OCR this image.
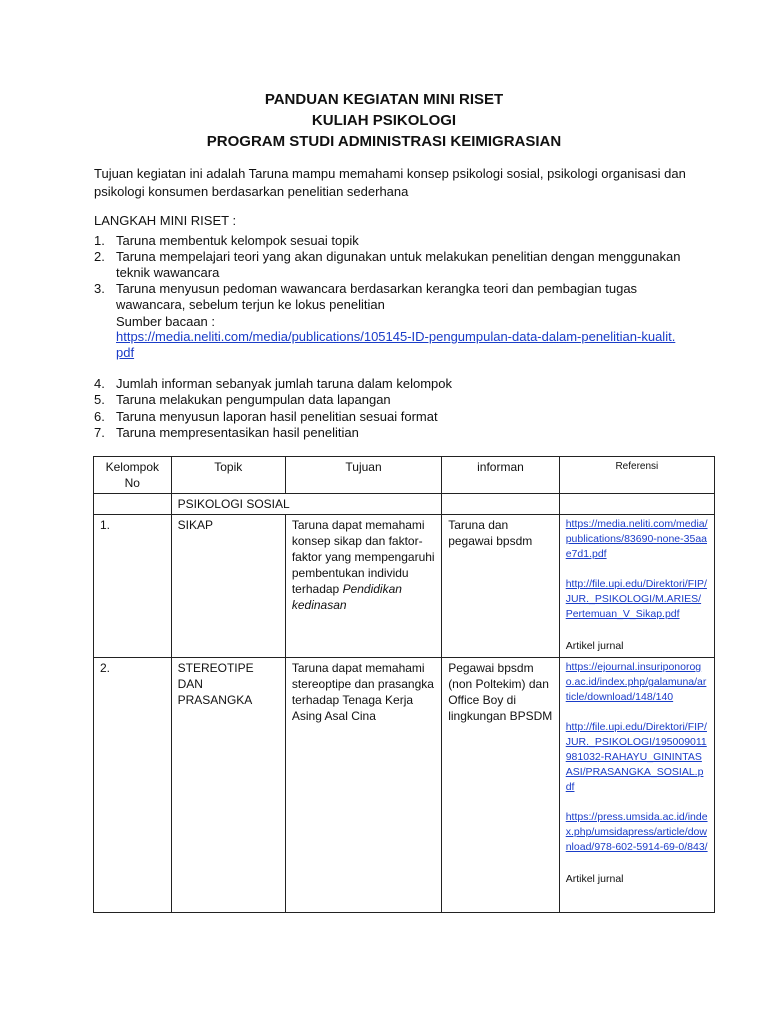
PANDUAN KEGIATAN MINI RISET
KULIAH PSIKOLOGI
PROGRAM STUDI ADMINISTRASI KEIMIGRASIAN
Tujuan kegiatan ini adalah Taruna mampu memahami konsep psikologi sosial, psikologi organisasi dan psikologi konsumen berdasarkan penelitian sederhana
LANGKAH MINI RISET :
1. Taruna membentuk kelompok sesuai topik
2. Taruna mempelajari teori yang akan digunakan untuk melakukan penelitian dengan menggunakan teknik wawancara
3. Taruna menyusun pedoman wawancara berdasarkan kerangka teori dan pembagian tugas wawancara, sebelum terjun ke lokus penelitian
Sumber bacaan :
https://media.neliti.com/media/publications/105145-ID-pengumpulan-data-dalam-penelitian-kualit.pdf
4. Jumlah informan sebanyak jumlah taruna dalam kelompok
5. Taruna melakukan pengumpulan data lapangan
6. Taruna menyusun laporan hasil penelitian sesuai format
7. Taruna mempresentasikan hasil penelitian
Kelompok No	Topik	Tujuan	informan	Referensi
	PSIKOLOGI SOSIAL			
1.	SIKAP	Taruna dapat memahami konsep sikap dan faktor-faktor yang mempengaruhi pembentukan individu terhadap Pendidikan kedinasan	Taruna dan pegawai bpsdm	https://media.neliti.com/media/publications/83690-none-35aae7d1.pdf
http://file.upi.edu/Direktori/FIP/JUR._PSIKOLOGI/M.ARIES/Pertemuan_V_Sikap.pdf
Artikel jurnal
2.	STEREOTIPE DAN PRASANGKA	Taruna dapat memahami stereoptipe dan prasangka terhadap Tenaga Kerja Asing Asal Cina	Pegawai bpsdm (non Poltekim) dan Office Boy di lingkungan BPSDM	https://ejournal.insuriponorogo.ac.id/index.php/galamuna/article/download/148/140
http://file.upi.edu/Direktori/FIP/JUR._PSIKOLOGI/195009011981032-RAHAYU_GININTASASI/PRASANGKA_SOSIAL.pdf
https://press.umsida.ac.id/index.php/umsidapress/article/download/978-602-5914-69-0/843/
Artikel jurnal
